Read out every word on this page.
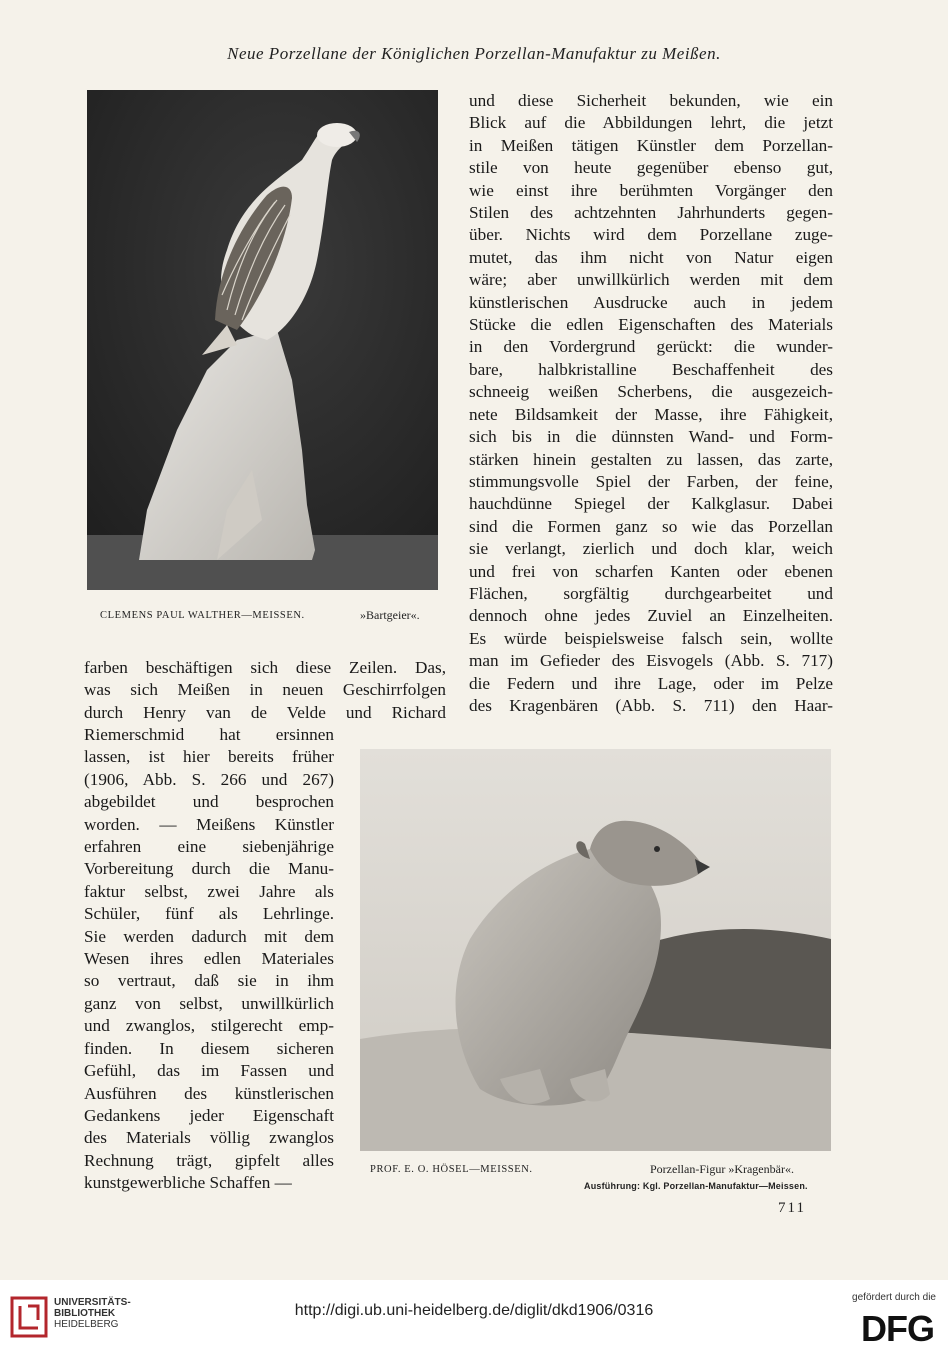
Neue Porzellane der Königlichen Porzellan-Manufaktur zu Meißen.
CLEMENS PAUL WALTHER—MEISSEN.	»Bartgeier«.
und diese Sicherheit bekunden, wie ein
Blick auf die Abbildungen lehrt, die jetzt
in Meißen tätigen Künstler dem Porzellan-
stile von heute gegenüber ebenso gut,
wie einst ihre berühmten Vorgänger den
Stilen des achtzehnten Jahrhunderts gegen-
über. Nichts wird dem Porzellane zuge-
mutet, das ihm nicht von Natur eigen
wäre; aber unwillkürlich werden mit dem
künstlerischen Ausdrucke auch in jedem
Stücke die edlen Eigenschaften des Materials
in den Vordergrund gerückt: die wunder-
bare, halbkristalline Beschaffenheit des
schneeig weißen Scherbens, die ausgezeich-
nete Bildsamkeit der Masse, ihre Fähigkeit,
sich bis in die dünnsten Wand- und Form-
stärken hinein gestalten zu lassen, das zarte,
stimmungsvolle Spiel der Farben, der feine,
hauchdünne Spiegel der Kalkglasur. Dabei
sind die Formen ganz so wie das Porzellan
sie verlangt, zierlich und doch klar, weich
und frei von scharfen Kanten oder ebenen
Flächen, sorgfältig durchgearbeitet und
dennoch ohne jedes Zuviel an Einzelheiten.
Es würde beispielsweise falsch sein, wollte
man im Gefieder des Eisvogels (Abb. S. 717)
die Federn und ihre Lage, oder im Pelze
des Kragenbären (Abb. S. 711) den Haar-
farben beschäftigen sich diese Zeilen. Das,
was sich Meißen in neuen Geschirrfolgen
durch Henry van de Velde und Richard
Riemerschmid hat ersinnen
lassen, ist hier bereits früher
(1906, Abb. S. 266 und 267)
abgebildet und besprochen
worden. — Meißens Künstler
erfahren eine siebenjährige
Vorbereitung durch die Manu-
faktur selbst, zwei Jahre als
Schüler, fünf als Lehrlinge.
Sie werden dadurch mit dem
Wesen ihres edlen Materiales
so vertraut, daß sie in ihm
ganz von selbst, unwillkürlich
und zwanglos, stilgerecht emp-
finden. In diesem sicheren
Gefühl, das im Fassen und
Ausführen des künstlerischen
Gedankens jeder Eigenschaft
des Materials völlig zwanglos
Rechnung trägt, gipfelt alles
kunstgewerbliche Schaffen —
PROF. E. O. HÖSEL—MEISSEN.	Porzellan-Figur »Kragenbär«.
Ausführung: Kgl. Porzellan-Manufaktur—Meissen.
711
UNIVERSITÄTS-
BIBLIOTHEK
HEIDELBERG
http://digi.ub.uni-heidelberg.de/diglit/dkd1906/0316
gefördert durch die
DFG
